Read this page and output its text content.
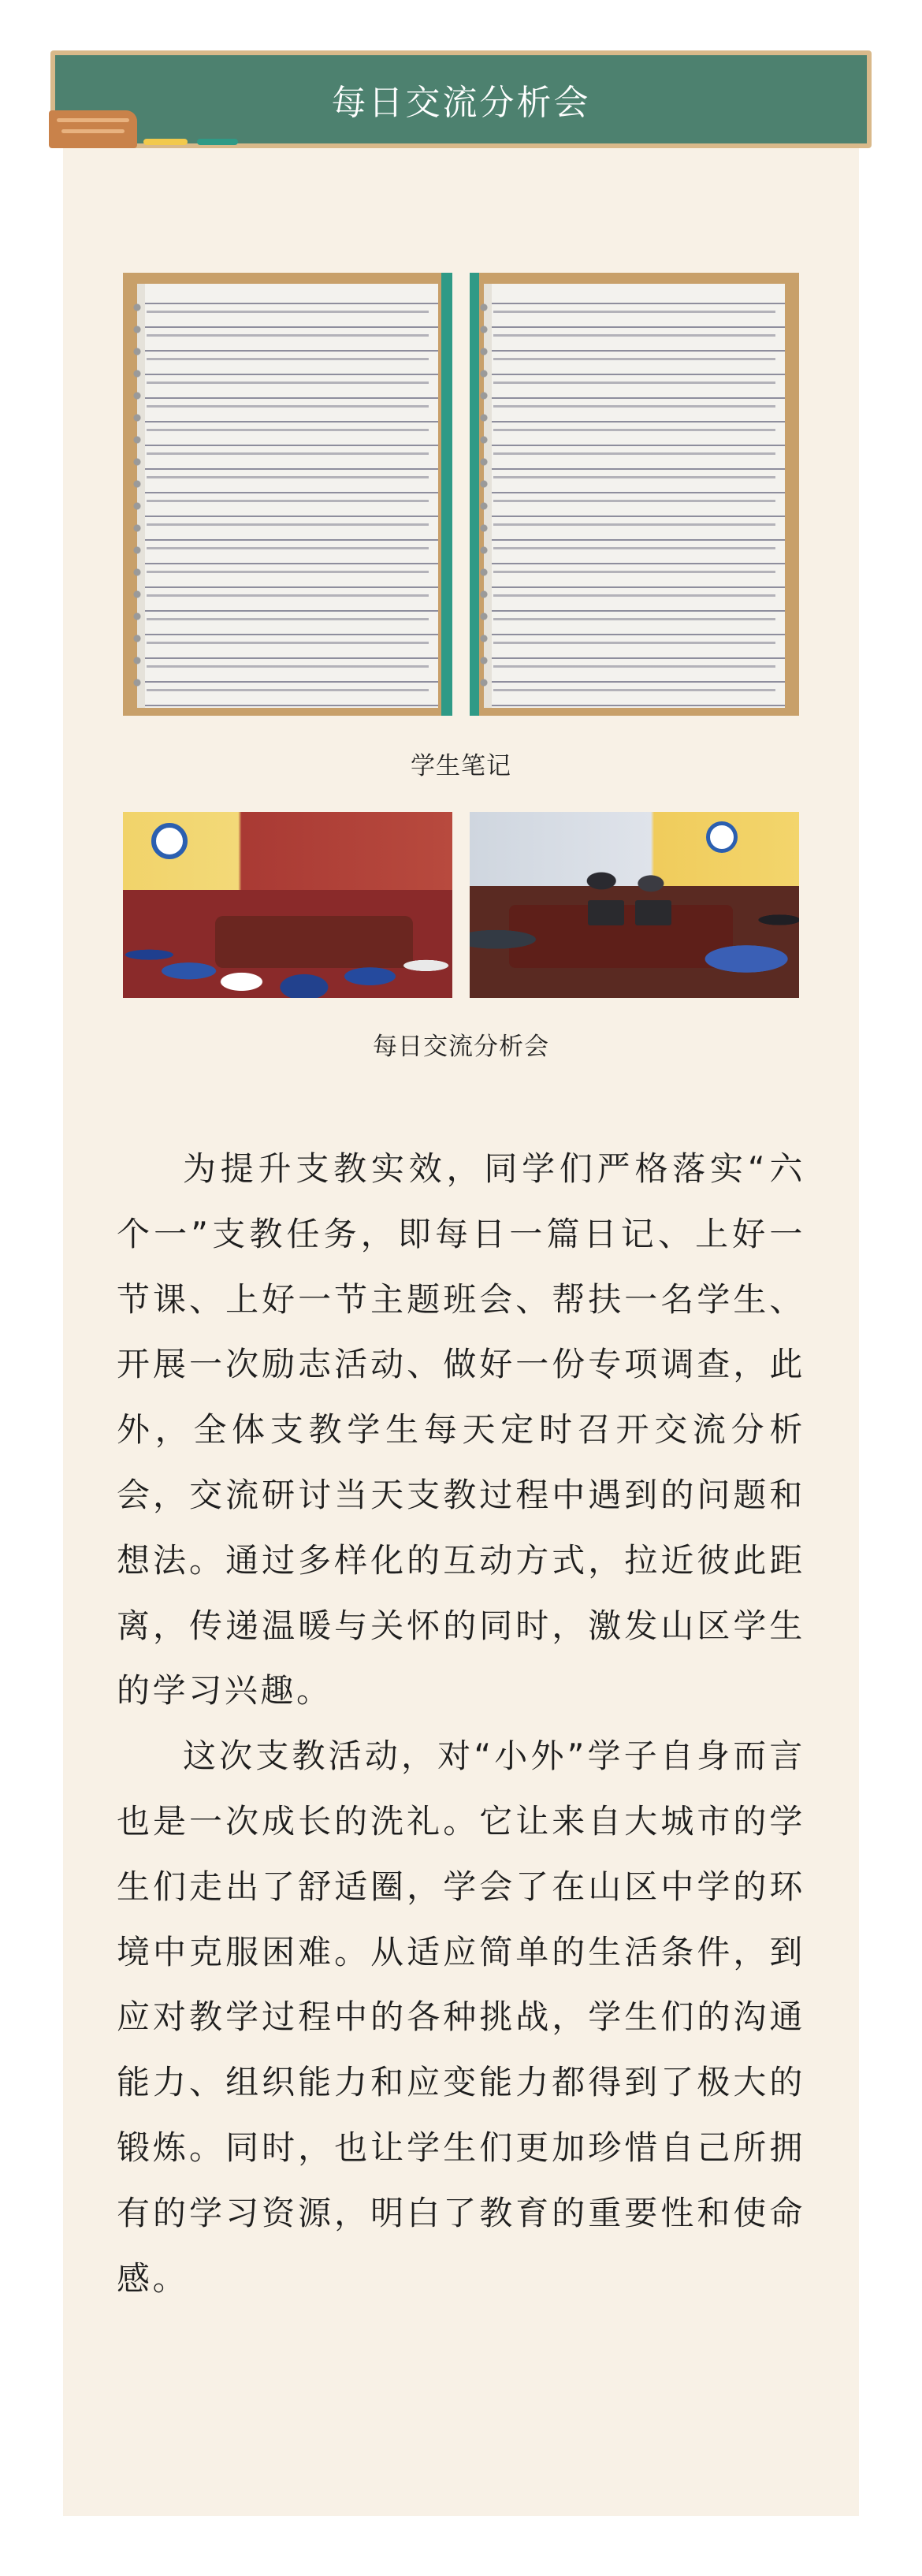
每日交流分析会
学生笔记
每日交流分析会

为提升支教实效，同学们严格落实“六个一”支教任务，即每日一篇日记、上好一节课、上好一节主题班会、帮扶一名学生、开展一次励志活动、做好一份专项调查，此外，全体支教学生每天定时召开交流分析会，交流研讨当天支教过程中遇到的问题和想法。通过多样化的互动方式，拉近彼此距离，传递温暖与关怀的同时，激发山区学生的学习兴趣。

这次支教活动，对“小外”学子自身而言也是一次成长的洗礼。它让来自大城市的学生们走出了舒适圈，学会了在山区中学的环境中克服困难。从适应简单的生活条件，到应对教学过程中的各种挑战，学生们的沟通能力、组织能力和应变能力都得到了极大的锻炼。同时，也让学生们更加珍惜自己所拥有的学习资源，明白了教育的重要性和使命感。
